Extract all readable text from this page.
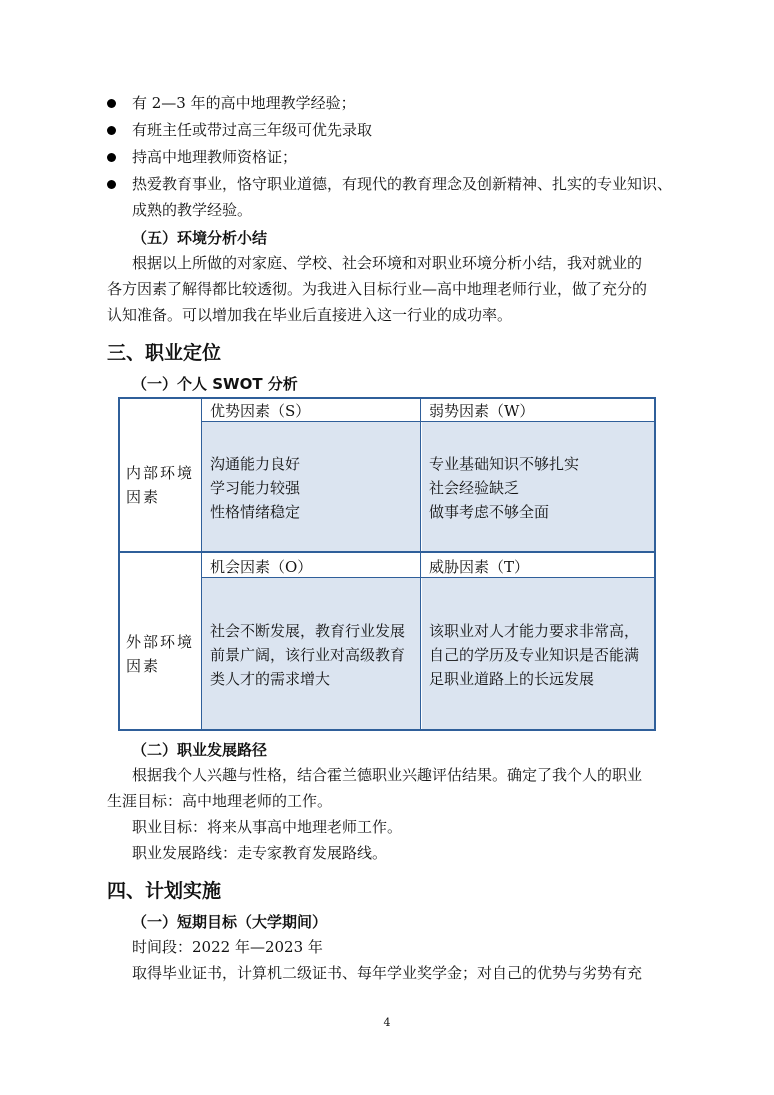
有 2—3 年的高中地理教学经验；
有班主任或带过高三年级可优先录取
持高中地理教师资格证；
热爱教育事业，恪守职业道德，有现代的教育理念及创新精神、扎实的专业知识、
成熟的教学经验。
（五）环境分析小结
根据以上所做的对家庭、学校、社会环境和对职业环境分析小结，我对就业的
各方因素了解得都比较透彻。为我进入目标行业—高中地理老师行业，做了充分的
认知准备。可以增加我在毕业后直接进入这一行业的成功率。
三、职业定位
（一）个人 SWOT 分析
内部环境
因素
外部环境
因素
优势因素（S）	弱势因素（W）
机会因素（O）	威胁因素（T）
沟通能力良好
学习能力较强
性格情绪稳定
专业基础知识不够扎实
社会经验缺乏
做事考虑不够全面
社会不断发展，教育行业发展
前景广阔，该行业对高级教育
类人才的需求增大
该职业对人才能力要求非常高，
自己的学历及专业知识是否能满
足职业道路上的长远发展
（二）职业发展路径
根据我个人兴趣与性格，结合霍兰德职业兴趣评估结果。确定了我个人的职业
生涯目标：高中地理老师的工作。
职业目标：将来从事高中地理老师工作。
职业发展路线：走专家教育发展路线。
四、计划实施
（一）短期目标（大学期间）
时间段：2022 年—2023 年
取得毕业证书，计算机二级证书、每年学业奖学金；对自己的优势与劣势有充
4
